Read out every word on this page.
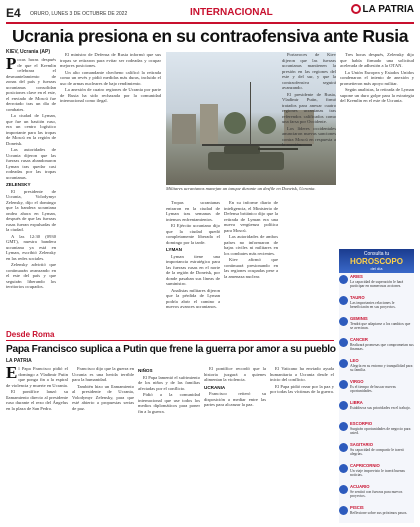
E4 ORURO, LUNES 3 DE OCTUBRE DE 2022	INTERNACIONAL	LA PATRIA
Ucrania presiona en su contraofensiva ante Rusia
KIEV, Ucrania (AP)
P ocas horas después de que el Kremlin celebrara el desmantelamiento de zonas del país y fuerzas ucranianas consolidan posiciones clave en el este, el enviado de Moscú fue derrotado tras un día de combates.

La ciudad de Lyman, que fue un bastión ruso, era un centro logístico importante para las tropas de Moscú en la región de Donetsk.

Las autoridades de Ucrania dijeron que las fuerzas rusas abandonaron Lyman tras quedar casi rodeadas por las tropas ucranianas.

ZELENSKY

El presidente de Ucrania, Volodymyr Zelensky, dijo el domingo que la bandera ucraniana ondea ahora en Lyman, después de que las fuerzas rusas fueran expulsadas de la ciudad.

A las 12:30 (0930 GMT), nuestra bandera ucraniana ya está en Lyman, escribió Zelensky en las redes sociales.

Zelensky advirtió que continuarán avanzando en el este del país y que seguirán liberando los territorios ocupados.

El ministro de Defensa de Rusia informó que sus tropas se retiraron para evitar ser rodeadas y ocupar mejores posiciones.

Un alto comandante checheno calificó la retirada como un revés y pidió medidas más duras, incluido el uso de armas nucleares de bajo rendimiento.

La anexión de cuatro regiones de Ucrania por parte de Rusia ha sido rechazada por la comunidad internacional como ilegal.

Militares ucranianos manejan un tanque durante un desfile en Donetsk, Ucrania.

Tropas ucranianas entraron en la ciudad de Lyman tras semanas de intensos enfrentamientos.

El Ejército ucraniano dijo que la ciudad quedó completamente liberada el domingo por la tarde.

LYMAN

Lyman tiene una importancia estratégica para las fuerzas rusas en el norte de la región de Donetsk, por donde pasaban sus líneas de suministro.

Analistas militares dijeron que la pérdida de Lyman podría abrir el camino a nuevos avances ucranianos.

En su informe diario de inteligencia, el Ministerio de Defensa británico dijo que la retirada de Lyman era una nueva vergüenza política para Moscú.

Las autoridades de ambos países no informaron de bajas civiles ni militares en los combates más recientes.

Kiev afirmó que continuará presionando en las regiones ocupadas pese a la amenaza nuclear.

Portavoces de Kiev dijeron que las fuerzas ucranianas mantienen la presión en las regiones del este y del sur, y que la contraofensiva seguirá avanzando.

El presidente de Rusia, Vladímir Putin, firmó tratados para anexar cuatro regiones ucranianas tras referendos calificados como una farsa por Occidente.

Los líderes occidentales anunciaron nuevas sanciones contra Moscú en respuesta a la anexión.

Tres horas después, Zelensky dijo que había firmado una solicitud acelerada de adhesión a la OTAN.

La Unión Europea y Estados Unidos condenaron el intento de anexión y prometieron más apoyo militar.

Según analistas, la retirada de Lyman supone un duro golpe para la estrategia del Kremlin en el este de Ucrania.

Consulta tu
HOROSCOPO
del día
ARIES
La capacidad de superación le hará participar en numerosas acciones.
TAURO
Las importantes relaciones le beneficiarán en sus proyectos.
GEMINIS
Tendrá que adaptarse a los cambios que se avecinan.
CANCER
Realizará promesas que comprometan sus finanzas.
LEO
Alegría en su entorno y tranquilidad para su familia.
VIRGO
Es el tiempo de buscar nuevas oportunidades.
LIBRA
Establezca sus prioridades en el trabajo.
ESCORPIO
Surgirán oportunidades de negocio para usted.
SAGITARIO
Su capacidad de compartir le traerá alegrías.
CAPRICORNIO
Un viaje imprevisto le traerá buenas noticias.
ACUARIO
Se sentirá con fuerzas para nuevos proyectos.
PISCIS
Reflexione sobre sus próximos pasos.
Desde Roma
Papa Francisco suplica a Putin que frene la guerra por amor a su pueblo
LA PATRIA
E l Papa Francisco pidió el domingo a Vladimir Putin que ponga fin a la espiral de violencia y muerte en Ucrania.

El pontífice lanzó su llamamiento directo al presidente ruso durante el rezo del Ángelus en la plaza de San Pedro.

Francisco dijo que la guerra en Ucrania es una herida terrible para la humanidad.

También hizo un llamamiento al presidente de Ucrania, Volodymyr Zelensky, para que esté abierto a propuestas serias de paz.

NIÑOS

El Papa lamentó el sufrimiento de los niños y de las familias afectadas por el conflicto.

Pidió a la comunidad internacional que use todos los medios diplomáticos para poner fin a la guerra.

El pontífice recordó que la historia juzgará a quienes alimentan la violencia.

UCRANIA

Francisco reiteró su disposición a mediar entre las partes para alcanzar la paz.

El Vaticano ha enviado ayuda humanitaria a Ucrania desde el inicio del conflicto.

El Papa pidió rezar por la paz y por todas las víctimas de la guerra.
